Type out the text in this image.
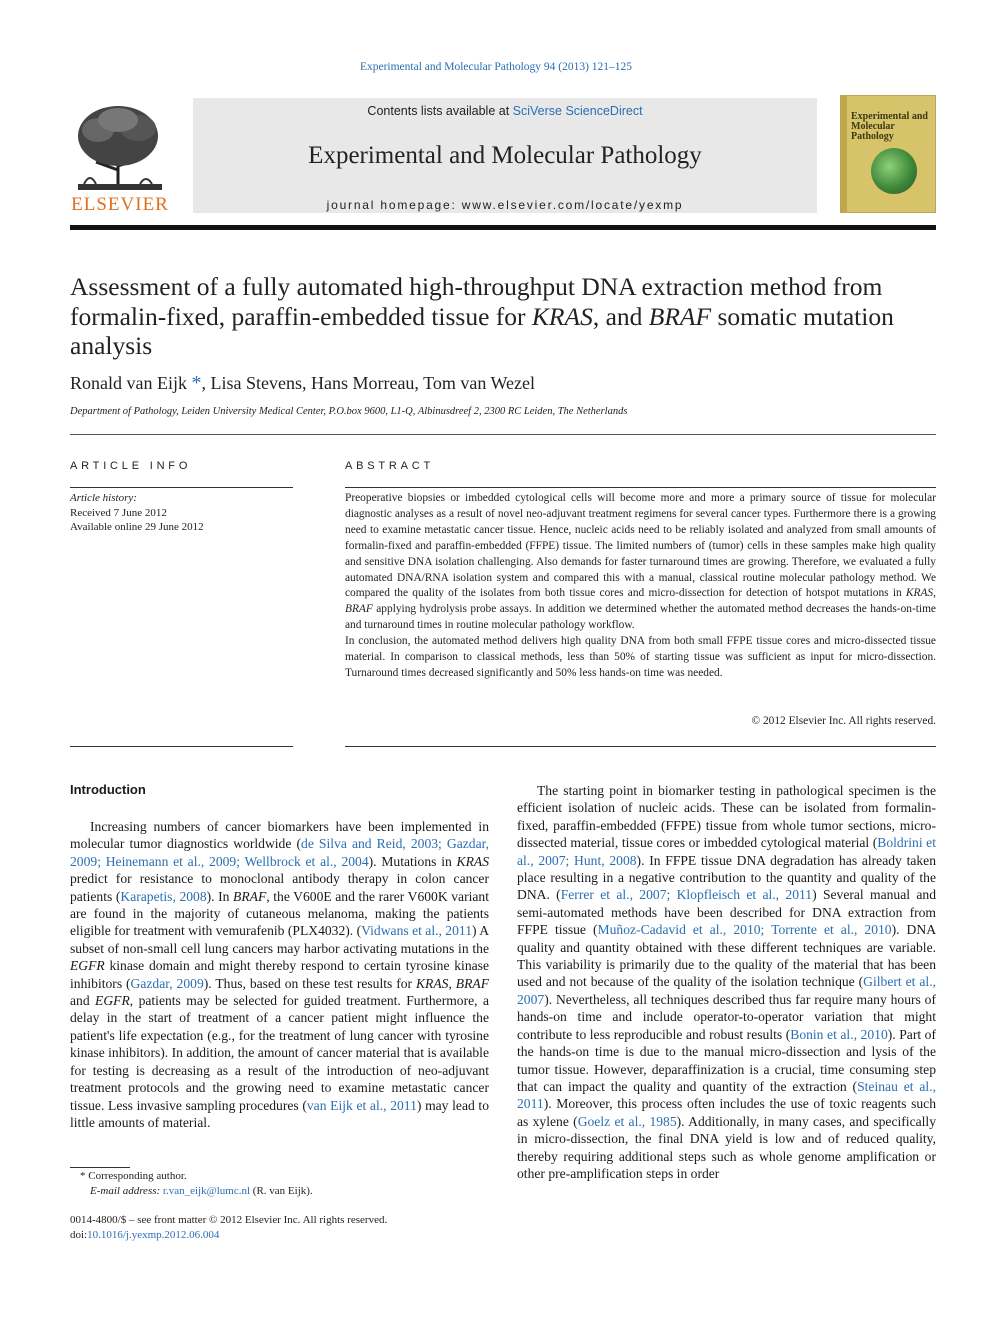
Experimental and Molecular Pathology 94 (2013) 121–125
ELSEVIER
Contents lists available at SciVerse ScienceDirect
Experimental and Molecular Pathology
journal homepage: www.elsevier.com/locate/yexmp
Experimental and Molecular Pathology
Assessment of a fully automated high-throughput DNA extraction method from formalin-fixed, paraffin-embedded tissue for KRAS, and BRAF somatic mutation analysis
Ronald van Eijk *, Lisa Stevens, Hans Morreau, Tom van Wezel
Department of Pathology, Leiden University Medical Center, P.O.box 9600, L1-Q, Albinusdreef 2, 2300 RC Leiden, The Netherlands
ARTICLE INFO
Article history:
Received 7 June 2012
Available online 29 June 2012
ABSTRACT

Preoperative biopsies or imbedded cytological cells will become more and more a primary source of tissue for molecular diagnostic analyses as a result of novel neo-adjuvant treatment regimens for several cancer types. Furthermore there is a growing need to examine metastatic cancer tissue. Hence, nucleic acids need to be reliably isolated and analyzed from small amounts of formalin-fixed and paraffin-embedded (FFPE) tissue. The limited numbers of (tumor) cells in these samples make high quality and sensitive DNA isolation challenging. Also demands for faster turnaround times are growing. Therefore, we evaluated a fully automated DNA/RNA isolation system and compared this with a manual, classical routine molecular pathology method. We compared the quality of the isolates from both tissue cores and micro-dissection for detection of hotspot mutations in KRAS, BRAF applying hydrolysis probe assays. In addition we determined whether the automated method decreases the hands-on-time and turnaround times in routine molecular pathology workflow.

In conclusion, the automated method delivers high quality DNA from both small FFPE tissue cores and micro-dissected tissue material. In comparison to classical methods, less than 50% of starting tissue was sufficient as input for micro-dissection. Turnaround times decreased significantly and 50% less hands-on time was needed.

© 2012 Elsevier Inc. All rights reserved.
Introduction

Increasing numbers of cancer biomarkers have been implemented in molecular tumor diagnostics worldwide (de Silva and Reid, 2003; Gazdar, 2009; Heinemann et al., 2009; Wellbrock et al., 2004). Mutations in KRAS predict for resistance to monoclonal antibody therapy in colon cancer patients (Karapetis, 2008). In BRAF, the V600E and the rarer V600K variant are found in the majority of cutaneous melanoma, making the patients eligible for treatment with vemurafenib (PLX4032). (Vidwans et al., 2011) A subset of non-small cell lung cancers may harbor activating mutations in the EGFR kinase domain and might thereby respond to certain tyrosine kinase inhibitors (Gazdar, 2009). Thus, based on these test results for KRAS, BRAF and EGFR, patients may be selected for guided treatment. Furthermore, a delay in the start of treatment of a cancer patient might influence the patient's life expectation (e.g., for the treatment of lung cancer with tyrosine kinase inhibitors). In addition, the amount of cancer material that is available for testing is decreasing as a result of the introduction of neo-adjuvant treatment protocols and the growing need to examine metastatic cancer tissue. Less invasive sampling procedures (van Eijk et al., 2011) may lead to little amounts of material.

The starting point in biomarker testing in pathological specimen is the efficient isolation of nucleic acids. These can be isolated from formalin-fixed, paraffin-embedded (FFPE) tissue from whole tumor sections, micro-dissected material, tissue cores or imbedded cytological material (Boldrini et al., 2007; Hunt, 2008). In FFPE tissue DNA degradation has already taken place resulting in a negative contribution to the quantity and quality of the DNA. (Ferrer et al., 2007; Klopfleisch et al., 2011) Several manual and semi-automated methods have been described for DNA extraction from FFPE tissue (Muñoz-Cadavid et al., 2010; Torrente et al., 2010). DNA quality and quantity obtained with these different techniques are variable. This variability is primarily due to the quality of the material that has been used and not because of the quality of the isolation technique (Gilbert et al., 2007). Nevertheless, all techniques described thus far require many hours of hands-on time and include operator-to-operator variation that might contribute to less reproducible and robust results (Bonin et al., 2010). Part of the hands-on time is due to the manual micro-dissection and lysis of the tumor tissue. However, deparaffinization is a crucial, time consuming step that can impact the quality and quantity of the extraction (Steinau et al., 2011). Moreover, this process often includes the use of toxic reagents such as xylene (Goelz et al., 1985). Additionally, in many cases, and specifically in micro-dissection, the final DNA yield is low and of reduced quality, thereby requiring additional steps such as whole genome amplification or other pre-amplification steps in order

* Corresponding author.
E-mail address: r.van_eijk@lumc.nl (R. van Eijk).
0014-4800/$ – see front matter © 2012 Elsevier Inc. All rights reserved.
doi:10.1016/j.yexmp.2012.06.004
